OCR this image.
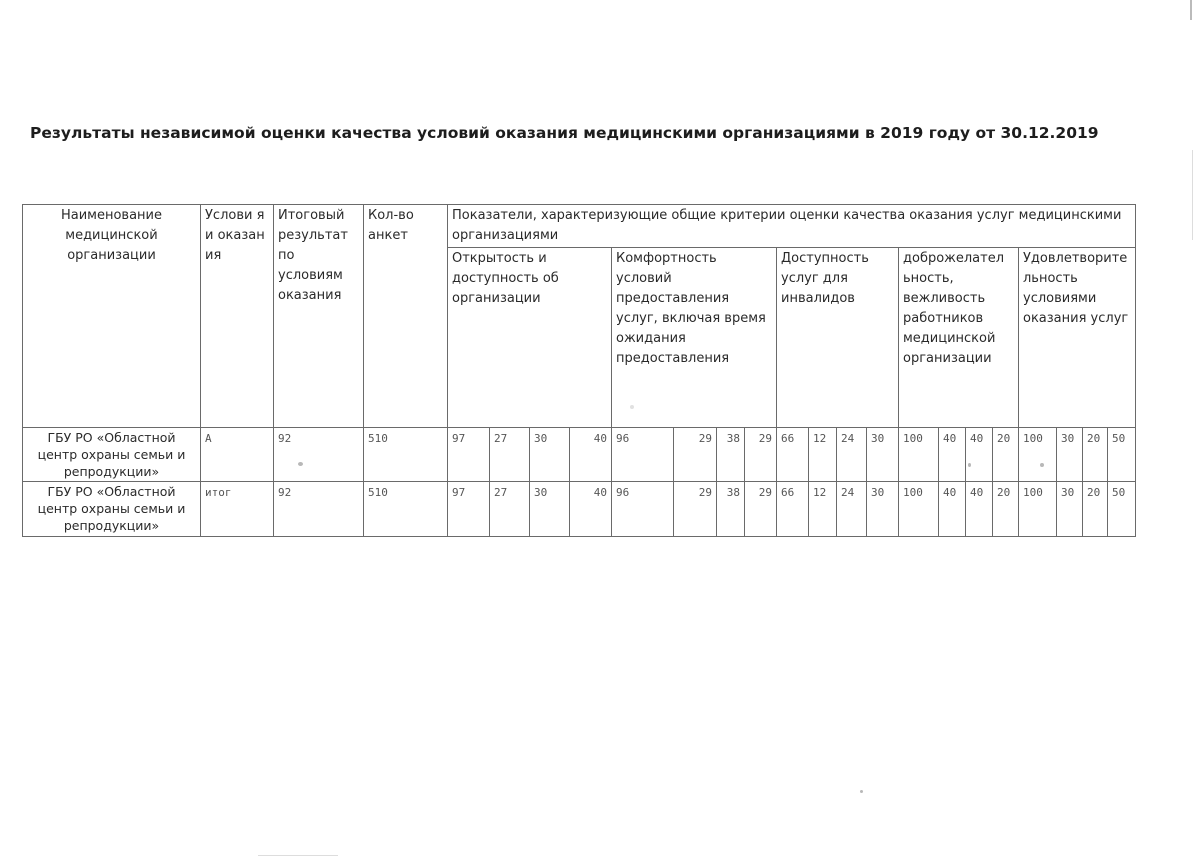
Результаты независимой оценки качества условий оказания медицинскими организациями в 2019 году от 30.12.2019
Наименование медицинской организации	Услови я и оказан ия	Итоговый результат по условиям оказания	Кол-во анкет	Показатели, характеризующие общие критерии оценки качества оказания услуг медицинскими организациями																			
				Открытость и доступность об организации				Комфортность условий предоставления услуг, включая время ожидания предоставления				Доступность услуг для инвалидов				доброжелател ьность, вежливость работников медицинской организации				Удовлетворите льность условиями оказания услуг			
ГБУ РО «Областной центр охраны семьи и репродукции»	А	92	510	97	27	30	40	96	29	38	29	66	12	24	30	100	40	40	20	100	30	20	50
ГБУ РО «Областной центр охраны семьи и репродукции»	итог	92	510	97	27	30	40	96	29	38	29	66	12	24	30	100	40	40	20	100	30	20	50
